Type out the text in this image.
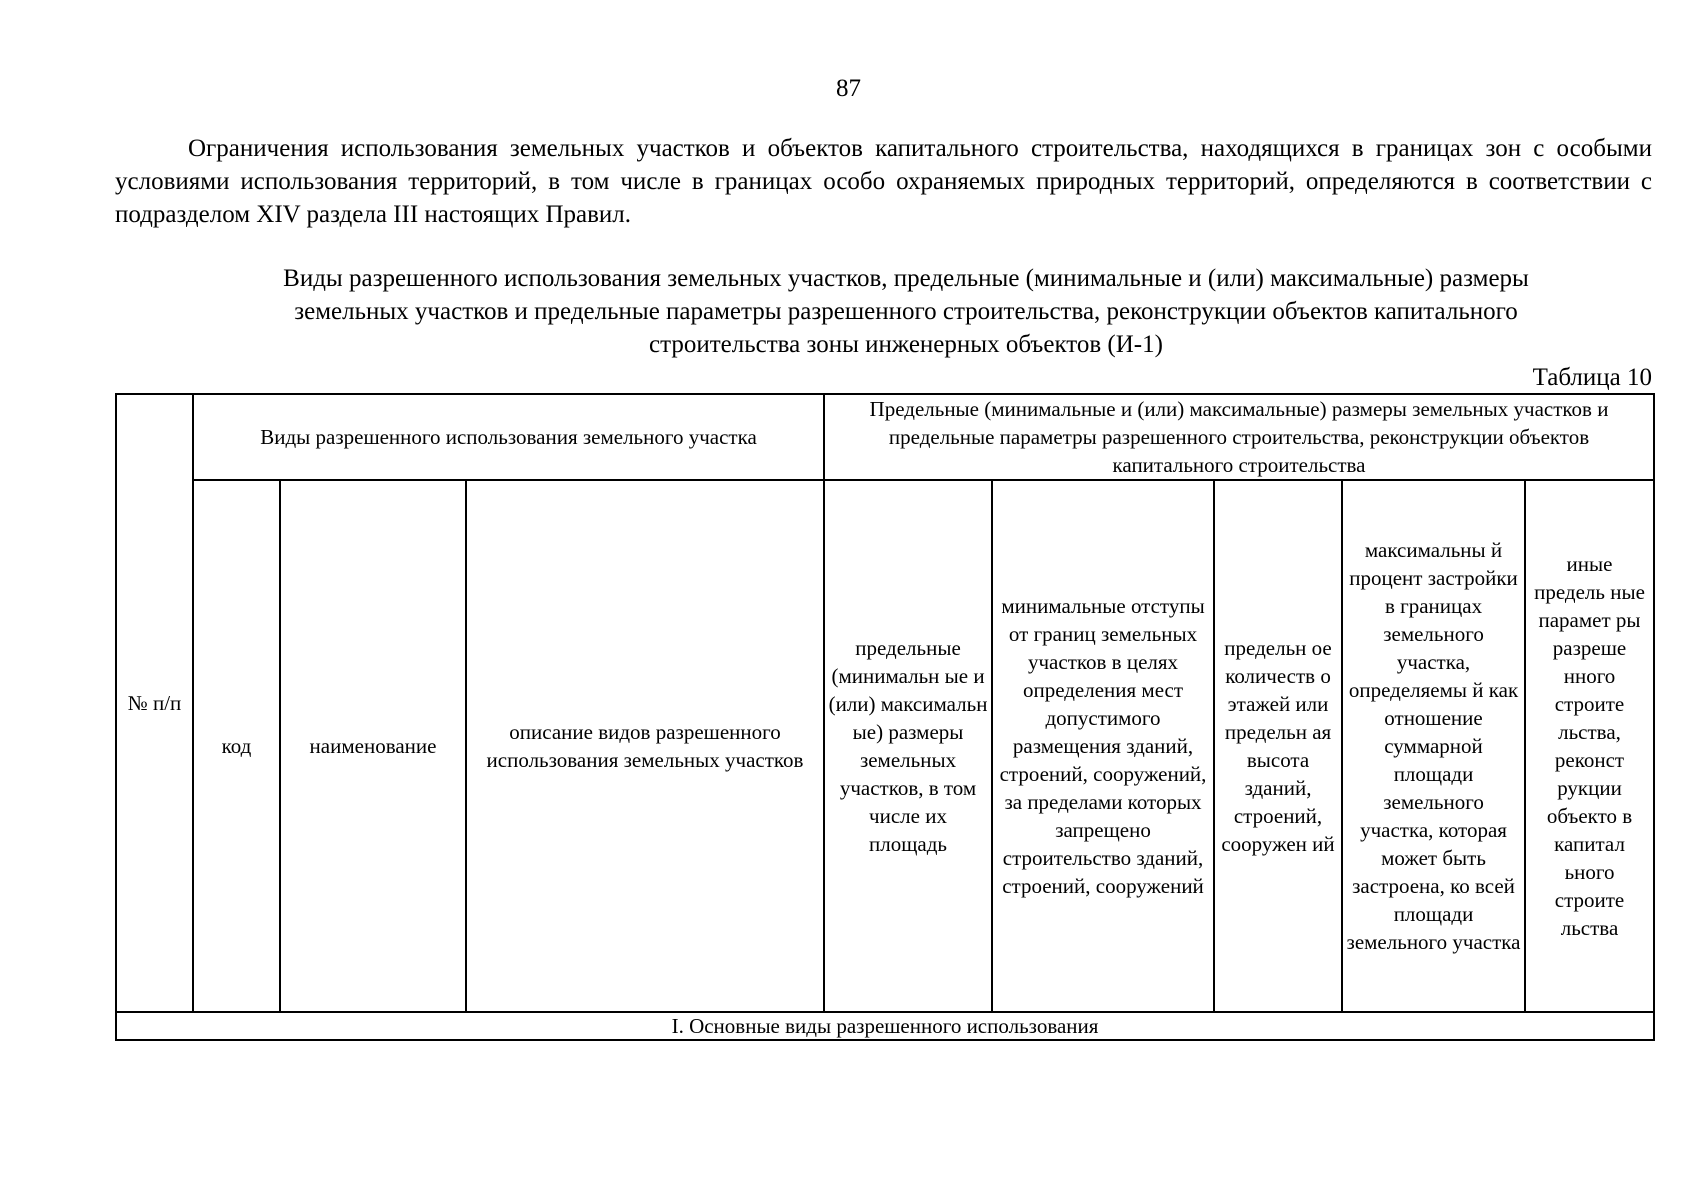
87

Ограничения использования земельных участков и объектов капитального строительства, находящихся в границах зон с особыми условиями использования территорий, в том числе в границах особо охраняемых природных территорий, определяются в соответствии с подразделом XIV раздела III настоящих Правил.

Виды разрешенного использования земельных участков, предельные (минимальные и (или) максимальные) размеры
земельных участков и предельные параметры разрешенного строительства, реконструкции объектов капитального
строительства зоны инженерных объектов (И-1)
Таблица 10
№ п/п	Виды разрешенного использования земельного участка			Предельные (минимальные и (или) максимальные) размеры земельных участков и предельные параметры разрешенного строительства, реконструкции объектов капитального строительства				
	код	наименование	описание видов разрешенного использования земельных участков	предельные (минимальн ые и (или) максимальн ые) размеры земельных участков, в том числе их площадь	минимальные отступы от границ земельных участков в целях определения мест допустимого размещения зданий, строений, сооружений, за пределами которых запрещено строительство зданий, строений, сооружений	предельн ое количеств о этажей или предельн ая высота зданий, строений, сооружен ий	максимальны й процент застройки в границах земельного участка, определяемы й как отношение суммарной площади земельного участка, которая может быть застроена, ко всей площади земельного участка	иные предель ные парамет ры разреше нного строите льства, реконст рукции объекто в капитал ьного строите льства
I. Основные виды разрешенного использования								
